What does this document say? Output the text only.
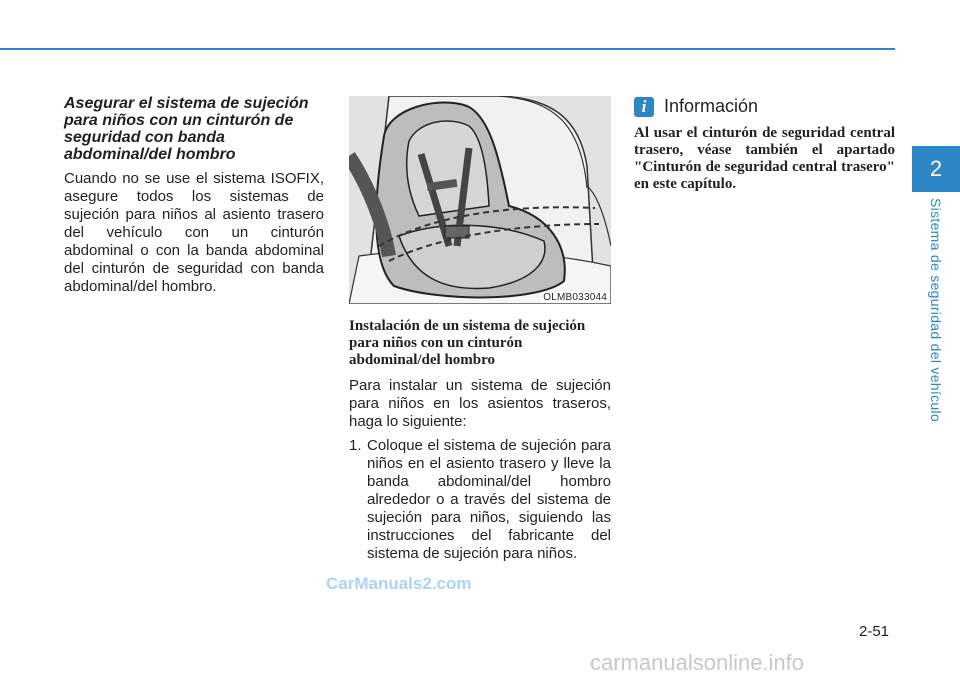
Asegurar el sistema de sujeción para niños con un cinturón de seguridad con banda abdominal/del hombro

Cuando no se use el sistema ISOFIX, asegure todos los sistemas de sujeción para niños al asiento trasero del vehículo con un cinturón abdominal o con la banda abdominal del cinturón de seguridad con banda abdominal/del hombro.

OLMB033044

Instalación de un sistema de sujeción para niños con un cinturón abdominal/del hombro

Para instalar un sistema de sujeción para niños en los asientos traseros, haga lo siguiente:

1. Coloque el sistema de sujeción para niños en el asiento trasero y lleve la banda abdominal/del hombro alrededor o a través del sistema de sujeción para niños, siguiendo las instrucciones del fabricante del sistema de sujeción para niños.
i Información

Al usar el cinturón de seguridad central trasero, véase también el apartado "Cinturón de seguridad central trasero" en este capítulo.

2
Sistema de seguridad del vehículo
2-51
CarManuals2.com
carmanualsonline.info
